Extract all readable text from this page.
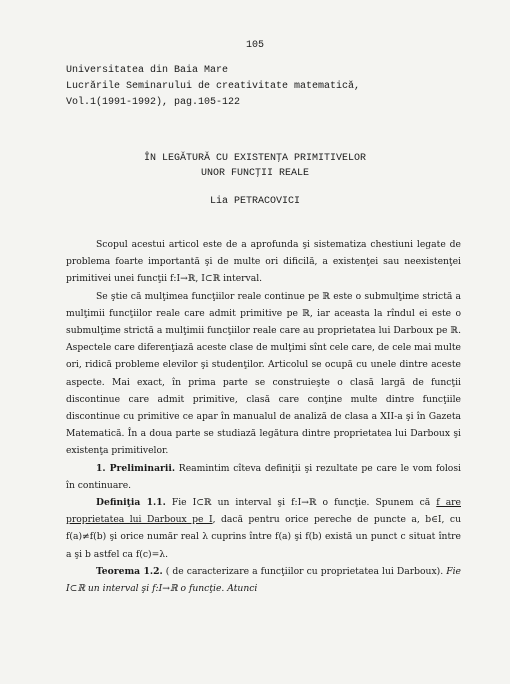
105
Universitatea din Baia Mare
Lucrările Seminarului de creativitate matematică,
Vol.1(1991-1992), pag.105-122
ÎN LEGĂTURĂ CU EXISTENŢA PRIMITIVELOR
UNOR FUNCŢII REALE
Lia PETRACOVICI

Scopul acestui articol este de a aprofunda şi sistematiza chestiuni legate de problema foarte importantă şi de multe ori dificilă, a existenţei sau neexistenţei primitivei unei funcţii f:I→ℝ, I⊂ℝ interval.

Se ştie că mulţimea funcţiilor reale continue pe ℝ este o submulţime strictă a mulţimii funcţiilor reale care admit primitive pe ℝ, iar aceasta la rîndul ei este o submulţime strictă a mulţimii funcţiilor reale care au proprietatea lui Darboux pe ℝ. Aspectele care diferenţiază aceste clase de mulţimi sînt cele care, de cele mai multe ori, ridică probleme elevilor şi studenţilor. Articolul se ocupă cu unele dintre aceste aspecte. Mai exact, în prima parte se construieşte o clasă largă de funcţii discontinue care admit primitive, clasă care conţine multe dintre funcţiile discontinue cu primitive ce apar în manualul de analiză de clasa a XII-a şi în Gazeta Matematică. În a doua parte se studiază legătura dintre proprietatea lui Darboux şi existenţa primitivelor.

1. Preliminarii. Reamintim cîteva definiţii şi rezultate pe care le vom folosi în continuare.

Definiţia 1.1. Fie I⊂ℝ un interval şi f:I→ℝ o funcţie. Spunem că f are proprietatea lui Darboux pe I, dacă pentru orice pereche de puncte a, b∈I, cu f(a)≠f(b) şi orice număr real λ cuprins între f(a) şi f(b) există un punct c situat între a şi b astfel ca f(c)=λ.

Teorema 1.2. ( de caracterizare a funcţiilor cu proprietatea lui Darboux). Fie I⊂ℝ un interval şi f:I→ℝ o funcţie. Atunci
